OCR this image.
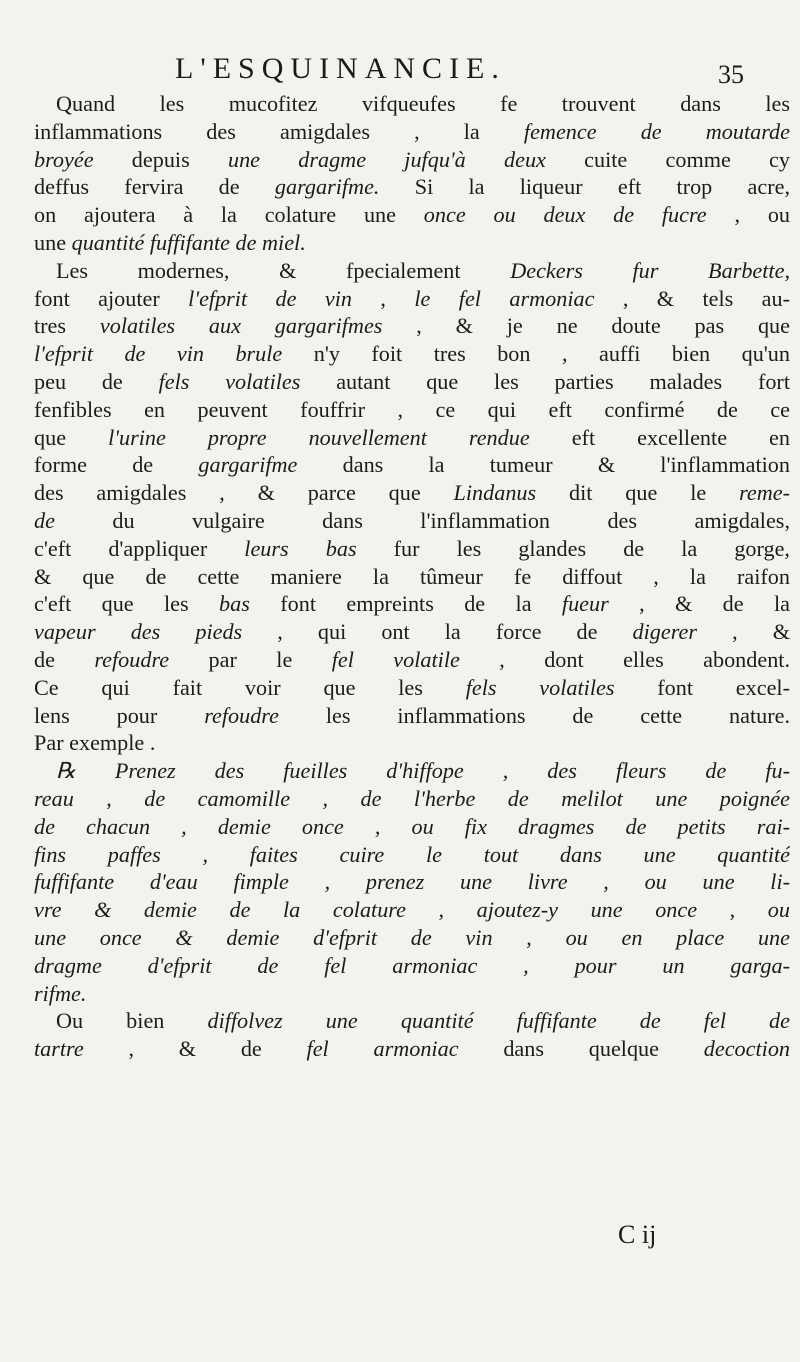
L'ESQUINANCIE.	35
Quand les mucofitez vifqueufes fe trouvent dans les
inflammations des amigdales , la femence de moutarde
broyée depuis une dragme jufqu'à deux cuite comme cy
deffus fervira de gargarifme. Si la liqueur eft trop acre,
on ajoutera à la colature une once ou deux de fucre , ou
une quantité fuffifante de miel.
Les modernes, & fpecialement Deckers fur Barbette,
font ajouter l'efprit de vin , le fel armoniac , & tels au-
tres volatiles aux gargarifmes , & je ne doute pas que
l'efprit de vin brule n'y foit tres bon , auffi bien qu'un
peu de fels volatiles autant que les parties malades fort
fenfibles en peuvent fouffrir , ce qui eft confirmé de ce
que l'urine propre nouvellement rendue eft excellente en
forme de gargarifme dans la tumeur & l'inflammation
des amigdales , & parce que Lindanus dit que le reme-
de du vulgaire dans l'inflammation des amigdales,
c'eft d'appliquer leurs bas fur les glandes de la gorge,
& que de cette maniere la tûmeur fe diffout , la raifon
c'eft que les bas font empreints de la fueur , & de la
vapeur des pieds , qui ont la force de digerer , &
de refoudre par le fel volatile , dont elles abondent.
Ce qui fait voir que les fels volatiles font excel-
lens pour refoudre les inflammations de cette nature.
Par exemple .
℞ Prenez des fueilles d'hiffope , des fleurs de fu-
reau , de camomille , de l'herbe de melilot une poignée
de chacun , demie once , ou fix dragmes de petits rai-
fins paffes , faites cuire le tout dans une quantité
fuffifante d'eau fimple , prenez une livre , ou une li-
vre & demie de la colature , ajoutez-y une once , ou
une once & demie d'efprit de vin , ou en place une
dragme d'efprit de fel armoniac , pour un garga-
rifme.
Ou bien diffolvez une quantité fuffifante de fel de
tartre , & de fel armoniac dans quelque decoction
C ij
